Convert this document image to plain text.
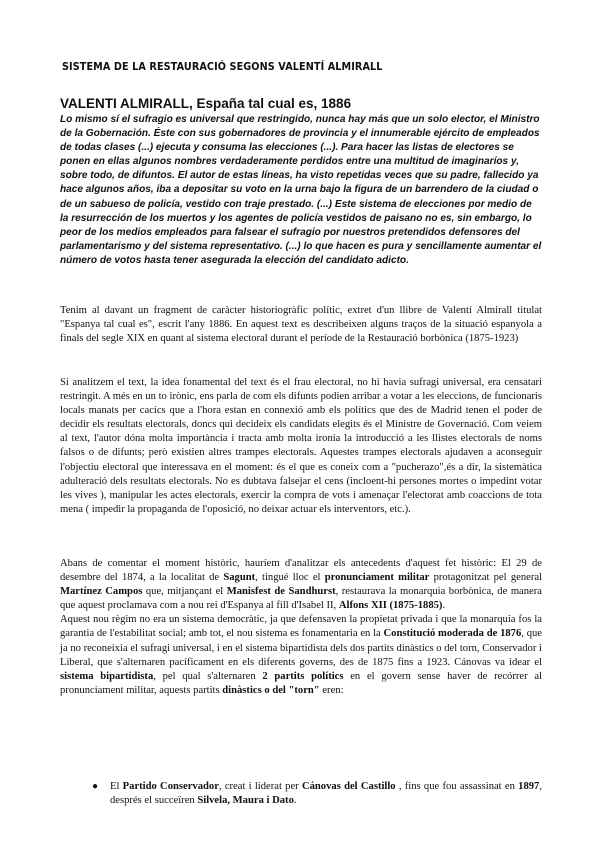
SISTEMA DE LA RESTAURACIÓ SEGONS VALENTÍ ALMIRALL
VALENTI ALMIRALL, España tal cual es, 1886

Lo mismo sí el sufragio es universal que restringido, nunca hay más que un solo elector, el Ministro de la Gobernación. Éste con sus gobernadores de provincia y el innumerable ejército de empleados de todas clases (...) ejecuta y consuma las elecciones (...). Para hacer las listas de electores se ponen en ellas algunos nombres verdaderamente perdidos entre una multitud de imaginaríos y, sobre todo, de difuntos. El autor de estas líneas, ha visto repetidas veces que su padre, fallecido ya hace algunos años, iba a depositar su voto en la urna bajo la figura de un barrendero de la ciudad o de un sabueso de policía, vestido con traje prestado. (...) Este sistema de elecciones por medio de la resurrección de los muertos y los agentes de policía vestidos de paisano no es, sin embargo, lo peor de los medios empleados para falsear el sufragio por nuestros pretendidos defensores del parlamentarismo y del sistema representativo. (...) lo que hacen es pura y sencillamente aumentar el número de votos hasta tener asegurada la elección del candidato adicto.

Tenim al davant un fragment de caràcter historiogràfic polític, extret d'un llibre de Valentí Almirall titulat "Espanya tal cual es", escrit l'any 1886. En aquest text es describeixen alguns traços de la situació espanyola a finals del segle XIX en quant al sistema electoral durant el període de la Restauració borbònica (1875-1923)

Si analitzem el text, la idea fonamental del text és el frau electoral, no hi havia sufragi universal, era censatari restringit. A més en un to irònic, ens parla de com els difunts podien arribar a votar a les eleccions, de funcionaris locals manats per cacics que a l'hora estan en connexió amb els polítics que des de Madrid tenen el poder de decidir els resultats electorals, doncs qui decideix els candidats elegits és el Ministre de Governació. Com veiem al text, l'autor dóna molta importància i tracta amb molta ironia la introducció a les llistes electorals de noms falsos o de difunts; però existien altres trampes electorals. Aquestes trampes electorals ajudaven a aconseguir l'objectiu electoral que interessava en el moment: és el que es coneix com a "pucherazo",és a dir, la sistemàtica adulteració dels resultats electorals. No es dubtava falsejar el cens (incloent-hi persones mortes o impedint votar les vives ), manipular les actes electorals, exercir la compra de vots i amenaçar l'electorat amb coaccions de tota mena ( impedir la propaganda de l'oposició, no deixar actuar els interventors, etc.).

Abans de comentar el moment històric, hauríem d'analitzar els antecedents d'aquest fet històric: El 29 de desembre del 1874, a la localitat de Sagunt, tingué lloc el pronunciament militar protagonitzat pel general Martínez Campos que, mitjançant el Manisfest de Sandhurst, restaurava la monarquia borbònica, de manera que aquest proclamava com a nou rei d'Espanya al fill d'Isabel II, Alfons XII (1875-1885).
Aquest nou règim no era un sistema democràtic, ja que defensaven la propietat privada i que la monarquia fos la garantia de l'estabilitat social; amb tot, el nou sistema es fonamentaria en la Constitució moderada de 1876, que ja no reconeixia el sufragi universal, i en el sistema bipartidista dels dos partits dinàstics o del torn, Conservador i Liberal, que s'alternaren pacíficament en els diferents governs, des de 1875 fins a 1923. Cánovas va idear el sistema bipartidista, pel qual s'alternaren 2 partits polítics en el govern sense haver de recórrer al pronunciament militar, aquests partits dinàstics o del "torn" eren:

● El Partido Conservador, creat i liderat per Cánovas del Castillo , fins que fou assassinat en 1897, després el succeïren Silvela, Maura i Dato.
